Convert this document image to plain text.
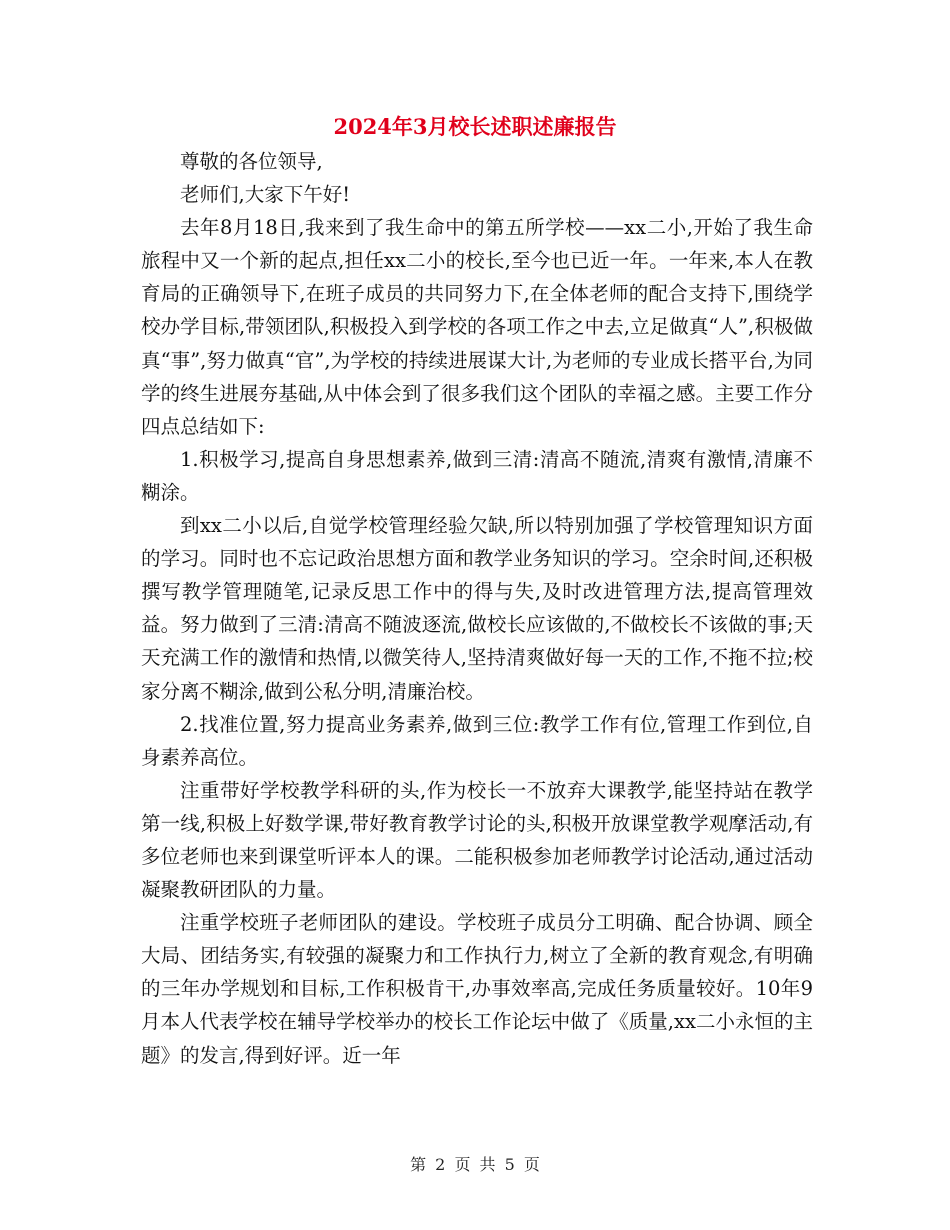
2024年3月校长述职述廉报告

尊敬的各位领导,

老师们,大家下午好!

去年8月18日,我来到了我生命中的第五所学校——xx二小,开始了我生命旅程中又一个新的起点,担任xx二小的校长,至今也已近一年。一年来,本人在教育局的正确领导下,在班子成员的共同努力下,在全体老师的配合支持下,围绕学校办学目标,带领团队,积极投入到学校的各项工作之中去,立足做真“人”,积极做真“事”,努力做真“官”,为学校的持续进展谋大计,为老师的专业成长搭平台,为同学的终生进展夯基础,从中体会到了很多我们这个团队的幸福之感。主要工作分四点总结如下:

1.积极学习,提高自身思想素养,做到三清:清高不随流,清爽有激情,清廉不糊涂。

到xx二小以后,自觉学校管理经验欠缺,所以特别加强了学校管理知识方面的学习。同时也不忘记政治思想方面和教学业务知识的学习。空余时间,还积极撰写教学管理随笔,记录反思工作中的得与失,及时改进管理方法,提高管理效益。努力做到了三清:清高不随波逐流,做校长应该做的,不做校长不该做的事;天天充满工作的激情和热情,以微笑待人,坚持清爽做好每一天的工作,不拖不拉;校家分离不糊涂,做到公私分明,清廉治校。

2.找准位置,努力提高业务素养,做到三位:教学工作有位,管理工作到位,自身素养高位。

注重带好学校教学科研的头,作为校长一不放弃大课教学,能坚持站在教学第一线,积极上好数学课,带好教育教学讨论的头,积极开放课堂教学观摩活动,有多位老师也来到课堂听评本人的课。二能积极参加老师教学讨论活动,通过活动凝聚教研团队的力量。

注重学校班子老师团队的建设。学校班子成员分工明确、配合协调、顾全大局、团结务实,有较强的凝聚力和工作执行力,树立了全新的教育观念,有明确的三年办学规划和目标,工作积极肯干,办事效率高,完成任务质量较好。10年9月本人代表学校在辅导学校举办的校长工作论坛中做了《质量,xx二小永恒的主题》的发言,得到好评。近一年

第 2 页 共 5 页
